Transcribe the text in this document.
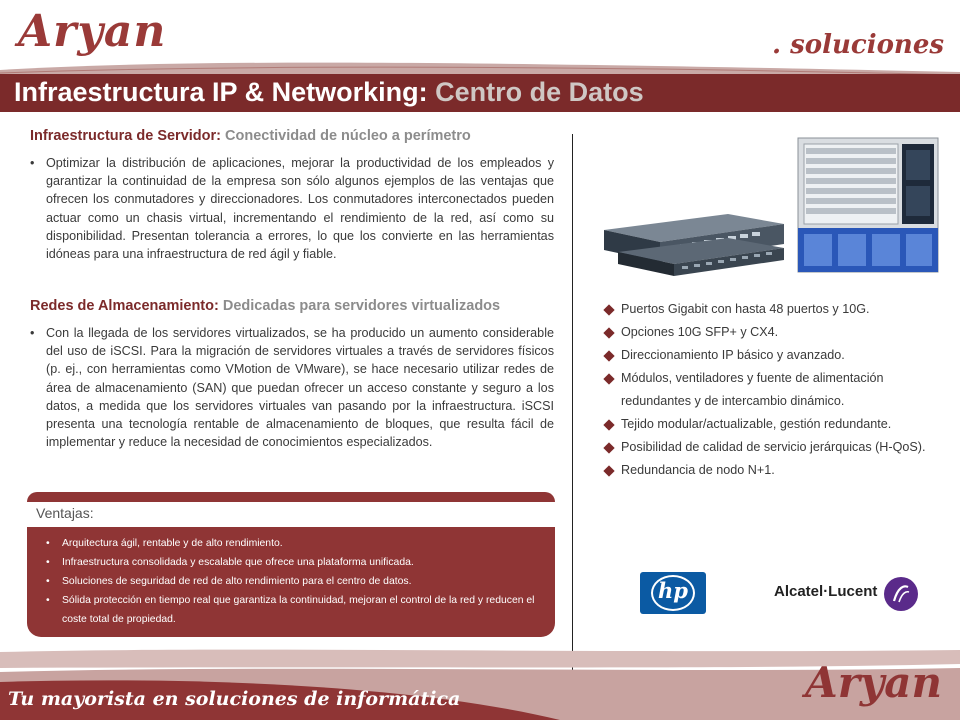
Aryan	. soluciones
Infraestructura IP & Networking: Centro de Datos
Infraestructura de Servidor: Conectividad de núcleo a perímetro
• Optimizar la distribución de aplicaciones, mejorar la productividad de los empleados y garantizar la continuidad de la empresa son sólo algunos ejemplos de las ventajas que ofrecen los conmutadores y direccionadores. Los conmutadores interconectados pueden actuar como un chasis virtual, incrementando el rendimiento de la red, así como su disponibilidad. Presentan tolerancia a errores, lo que los convierte en las herramientas idóneas para una infraestructura de red ágil y fiable.
Redes de Almacenamiento: Dedicadas para servidores virtualizados
• Con la llegada de los servidores virtualizados, se ha producido un aumento considerable del uso de iSCSI. Para la migración de servidores virtuales a través de servidores físicos (p. ej., con herramientas como VMotion de VMware), se hace necesario utilizar redes de área de almacenamiento (SAN) que puedan ofrecer un acceso constante y seguro a los datos, a medida que los servidores virtuales van pasando por la infraestructura. iSCSI presenta una tecnología rentable de almacenamiento de bloques, que resulta fácil de implementar y reduce la necesidad de conocimientos especializados.
Ventajas:
• Arquitectura ágil, rentable y de alto rendimiento.
• Infraestructura consolidada y escalable que ofrece una plataforma unificada.
• Soluciones de seguridad de red de alto rendimiento para el centro de datos.
• Sólida protección en tiempo real que garantiza la continuidad, mejoran el control de la red y reducen el coste total de propiedad.
Puertos Gigabit con hasta 48 puertos y 10G.
Opciones 10G SFP+ y CX4.
Direccionamiento IP básico y avanzado.
Módulos, ventiladores y fuente de alimentación redundantes y de intercambio dinámico.
Tejido modular/actualizable, gestión redundante.
Posibilidad de calidad de servicio jerárquicas (H-QoS).
Redundancia de nodo N+1.
hp	Alcatel·Lucent
Tu mayorista en soluciones de informática	Aryan
